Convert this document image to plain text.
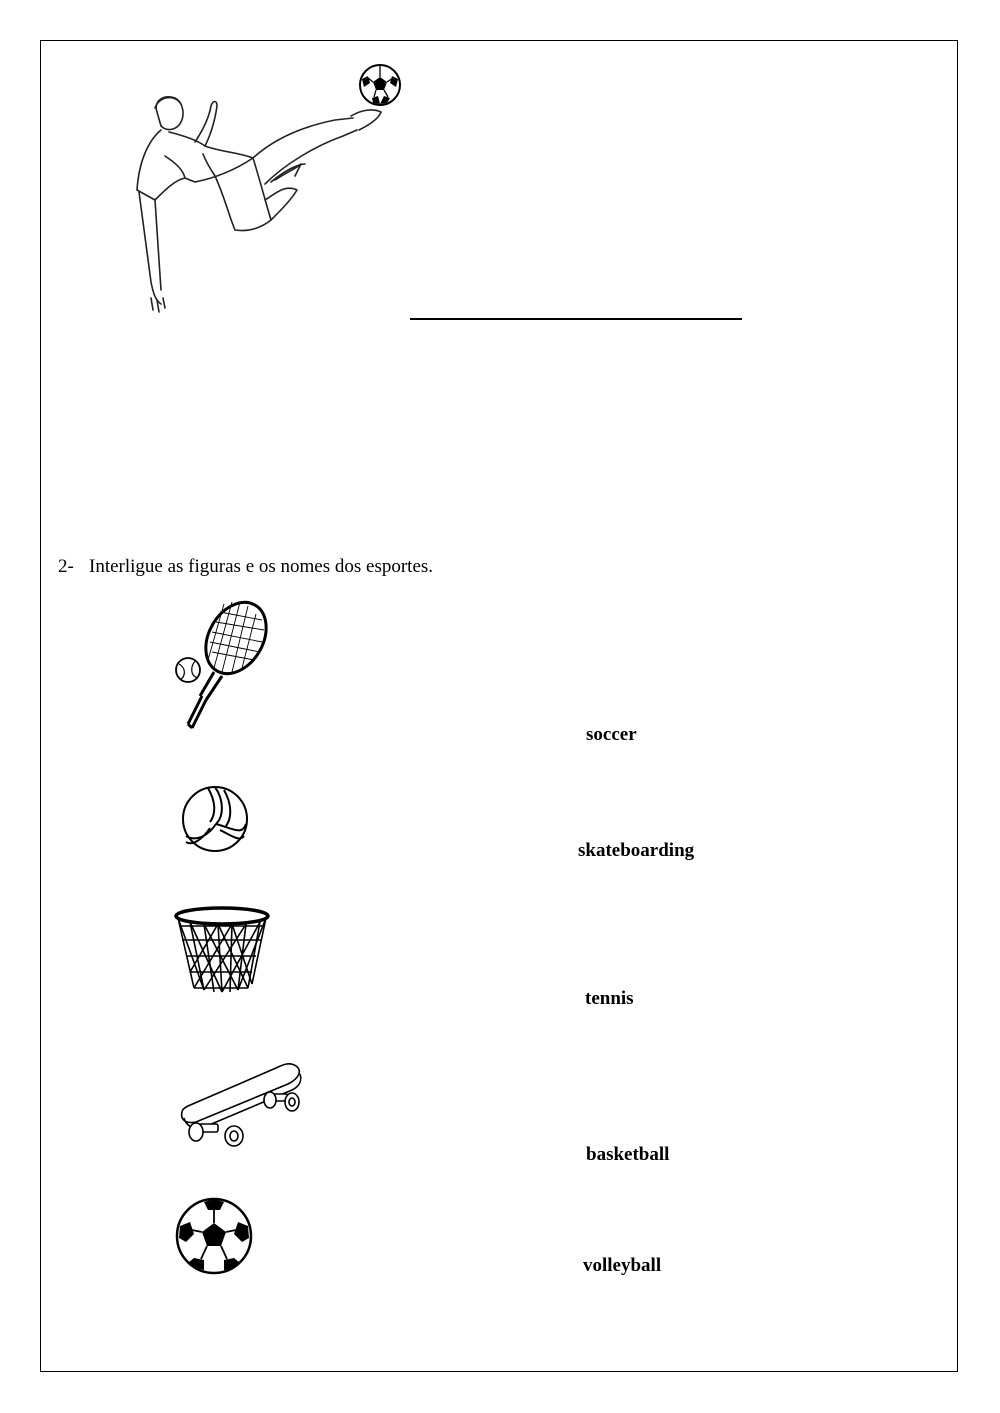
2- Interligue as figuras e os nomes dos esportes.
soccer
skateboarding
tennis
basketball
volleyball
